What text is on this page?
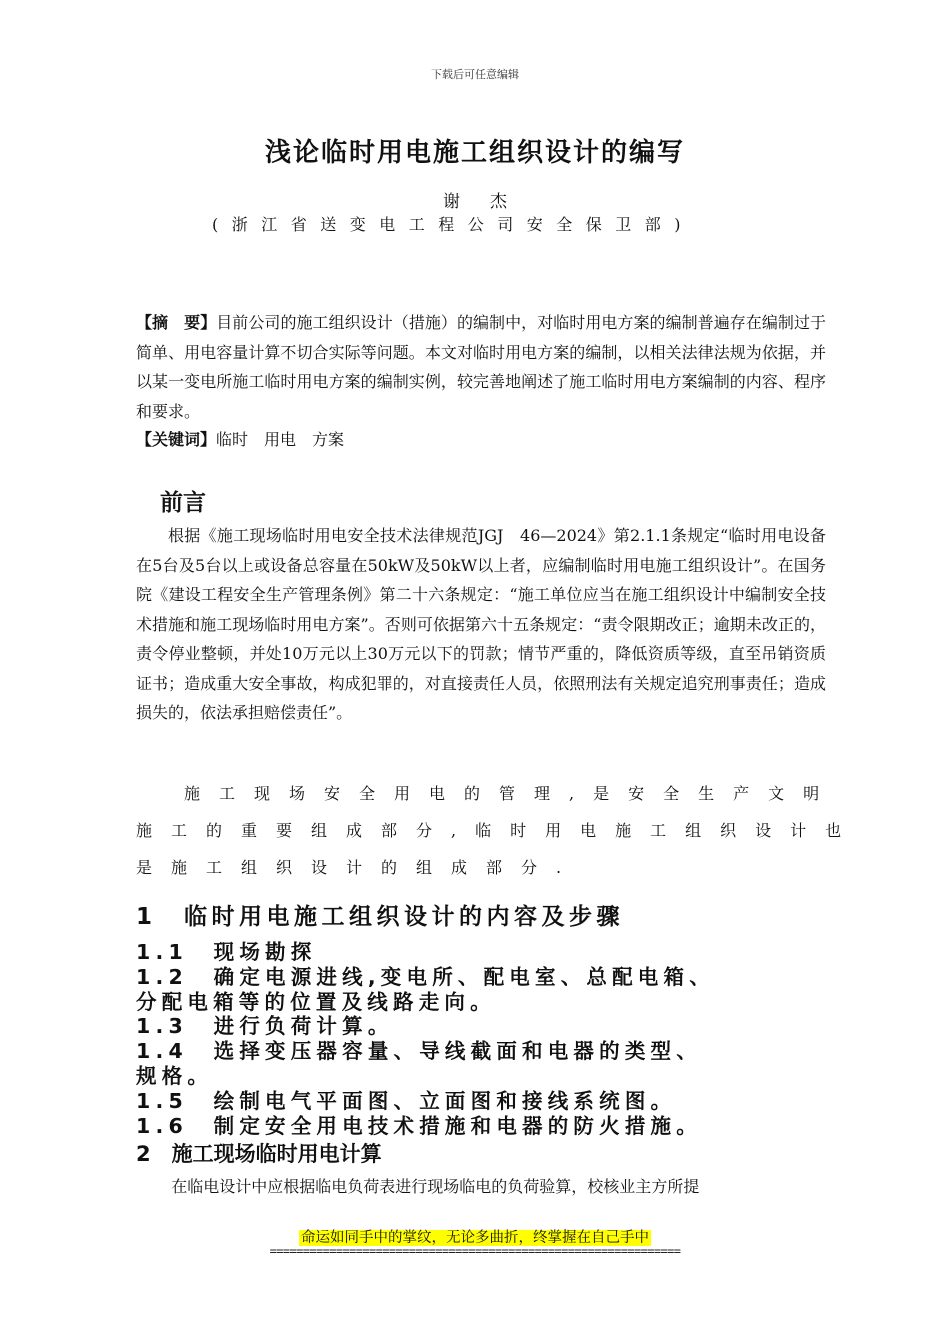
下载后可任意编辑
浅论临时用电施工组织设计的编写
谢杰
(浙江省送变电工程公司安全保卫部)

【摘　要】目前公司的施工组织设计（措施）的编制中，对临时用电方案的编制普遍存在编制过于简单、用电容量计算不切合实际等问题。本文对临时用电方案的编制，以相关法律法规为依据，并以某一变电所施工临时用电方案的编制实例，较完善地阐述了施工临时用电方案编制的内容、程序和要求。

【关键词】临时　用电　方案
前言

根据《施工现场临时用电安全技术法律规范JGJ　46—2024》第2.1.1条规定“临时用电设备在5台及5台以上或设备总容量在50kW及50kW以上者，应编制临时用电施工组织设计”。在国务院《建设工程安全生产管理条例》第二十六条规定：“施工单位应当在施工组织设计中编制安全技术措施和施工现场临时用电方案”。否则可依据第六十五条规定：“责令限期改正；逾期未改正的，责令停业整顿，并处10万元以上30万元以下的罚款；情节严重的，降低资质等级，直至吊销资质证书；造成重大安全事故，构成犯罪的，对直接责任人员，依照刑法有关规定追究刑事责任；造成损失的，依法承担赔偿责任”。

施工现场安全用电的管理,是安全生产文明
施工的重要组成部分,临时用电施工组织设计也
是施工组织设计的组成部分.
1　临时用电施工组织设计的内容及步骤
1.1　现场勘探
1.2　确定电源进线,变电所、配电室、总配电箱、
分配电箱等的位置及线路走向。
1.3　进行负荷计算。
1.4　选择变压器容量、导线截面和电器的类型、
规格。
1.5　绘制电气平面图、立面图和接线系统图。
1.6　制定安全用电技术措施和电器的防火措施。
2　施工现场临时用电计算
在临电设计中应根据临电负荷表进行现场临电的负荷验算，校核业主方所提
命运如同手中的掌纹，无论多曲折，终掌握在自己手中
==============================================================
